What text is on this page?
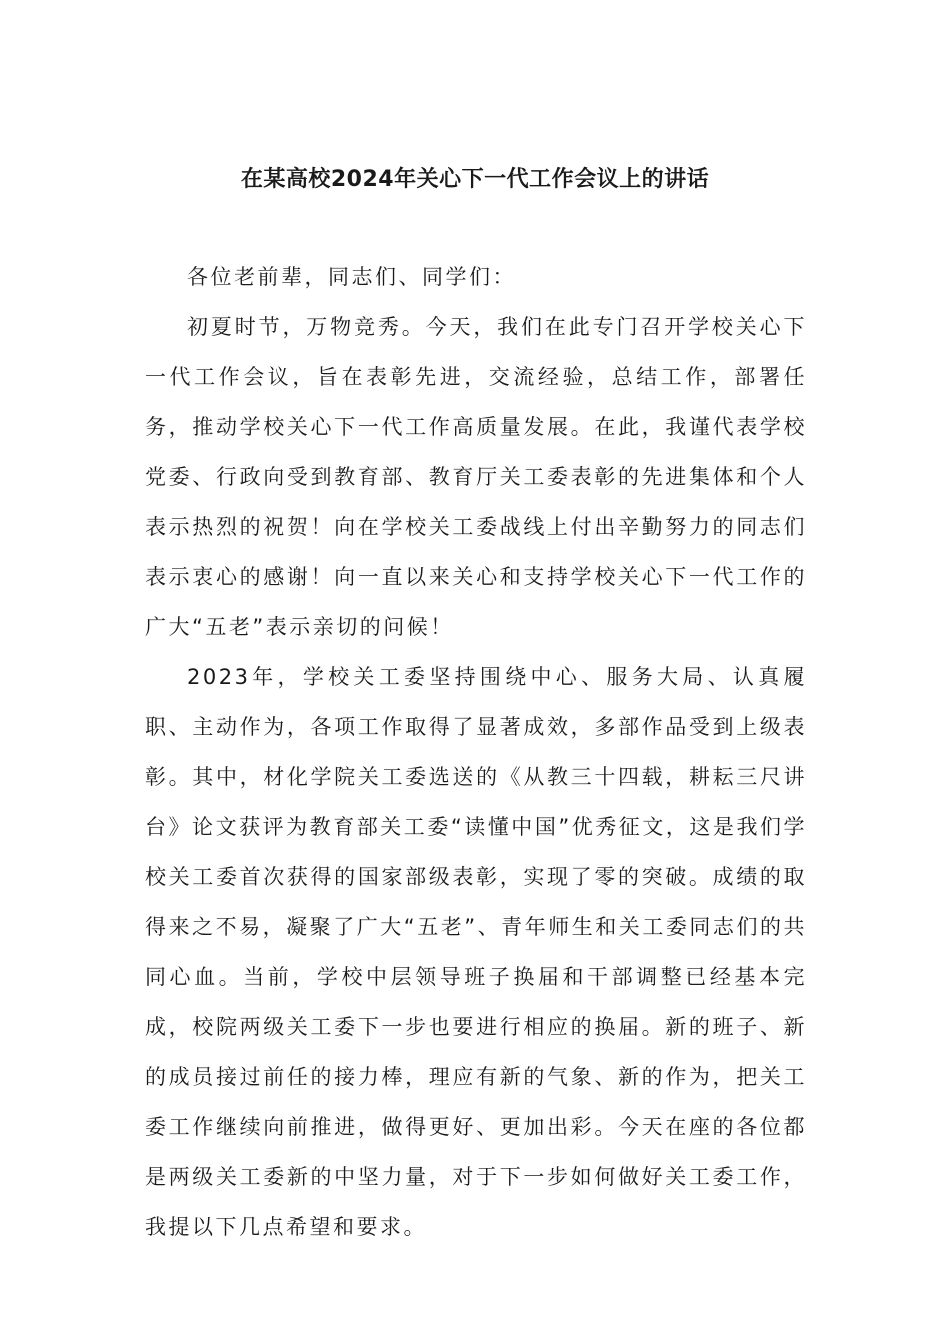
在某高校2024年关心下一代工作会议上的讲话

各位老前辈，同志们、同学们：

初夏时节，万物竞秀。今天，我们在此专门召开学校关心下一代工作会议，旨在表彰先进，交流经验，总结工作，部署任务，推动学校关心下一代工作高质量发展。在此，我谨代表学校党委、行政向受到教育部、教育厅关工委表彰的先进集体和个人表示热烈的祝贺！向在学校关工委战线上付出辛勤努力的同志们表示衷心的感谢！向一直以来关心和支持学校关心下一代工作的广大“五老”表示亲切的问候！

2023年，学校关工委坚持围绕中心、服务大局、认真履职、主动作为，各项工作取得了显著成效，多部作品受到上级表彰。其中，材化学院关工委选送的《从教三十四载，耕耘三尺讲台》论文获评为教育部关工委“读懂中国”优秀征文，这是我们学校关工委首次获得的国家部级表彰，实现了零的突破。成绩的取得来之不易，凝聚了广大“五老”、青年师生和关工委同志们的共同心血。当前，学校中层领导班子换届和干部调整已经基本完成，校院两级关工委下一步也要进行相应的换届。新的班子、新的成员接过前任的接力棒，理应有新的气象、新的作为，把关工委工作继续向前推进，做得更好、更加出彩。今天在座的各位都是两级关工委新的中坚力量，对于下一步如何做好关工委工作，我提以下几点希望和要求。
